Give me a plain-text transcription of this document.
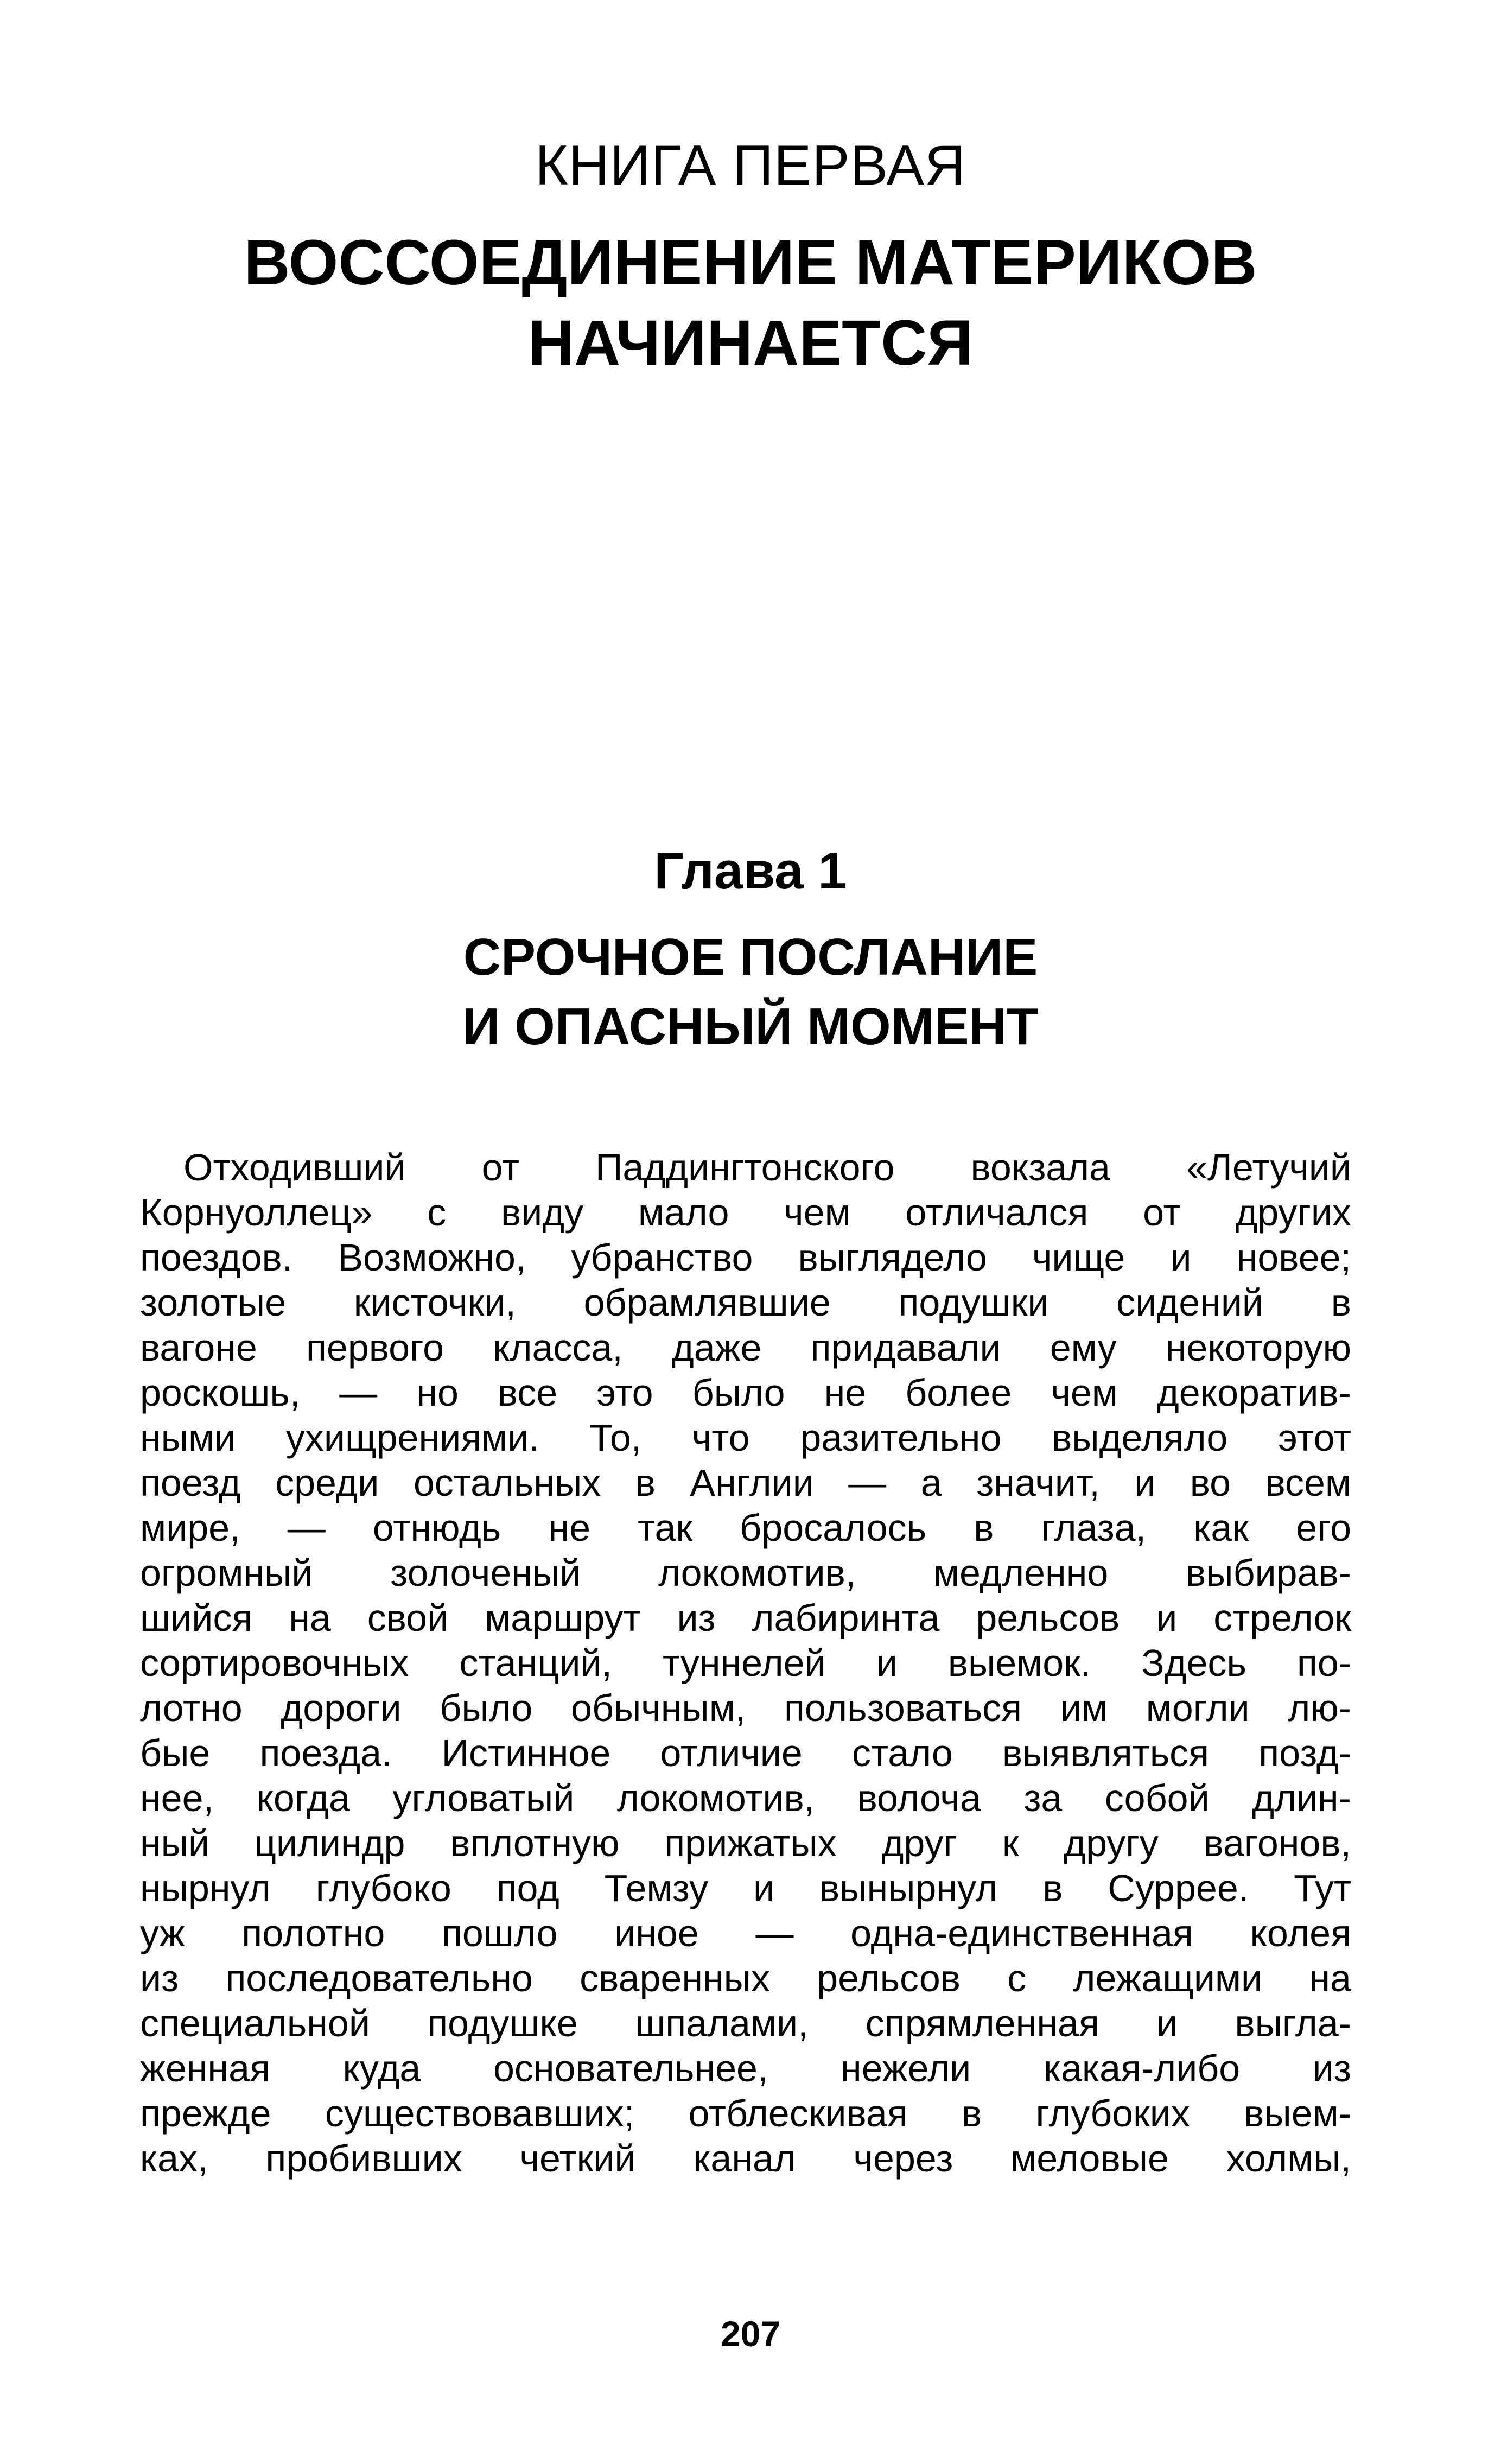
КНИГА ПЕРВАЯ
ВОССОЕДИНЕНИЕ МАТЕРИКОВ
НАЧИНАЕТСЯ
Глава 1
СРОЧНОЕ ПОСЛАНИЕ
И ОПАСНЫЙ МОМЕНТ
Отходивший от Паддингтонского вокзала «Летучий
Корнуоллец» с виду мало чем отличался от других
поездов. Возможно, убранство выглядело чище и новее;
золотые кисточки, обрамлявшие подушки сидений в
вагоне первого класса, даже придавали ему некоторую
роскошь, — но все это было не более чем декоратив-
ными ухищрениями. То, что разительно выделяло этот
поезд среди остальных в Англии — а значит, и во всем
мире, — отнюдь не так бросалось в глаза, как его
огромный золоченый локомотив, медленно выбирав-
шийся на свой маршрут из лабиринта рельсов и стрелок
сортировочных станций, туннелей и выемок. Здесь по-
лотно дороги было обычным, пользоваться им могли лю-
бые поезда. Истинное отличие стало выявляться позд-
нее, когда угловатый локомотив, волоча за собой длин-
ный цилиндр вплотную прижатых друг к другу вагонов,
нырнул глубоко под Темзу и вынырнул в Суррее. Тут
уж полотно пошло иное — одна-единственная колея
из последовательно сваренных рельсов с лежащими на
специальной подушке шпалами, спрямленная и выгла-
женная куда основательнее, нежели какая-либо из
прежде существовавших; отблескивая в глубоких выем-
ках, пробивших четкий канал через меловые холмы,
207
